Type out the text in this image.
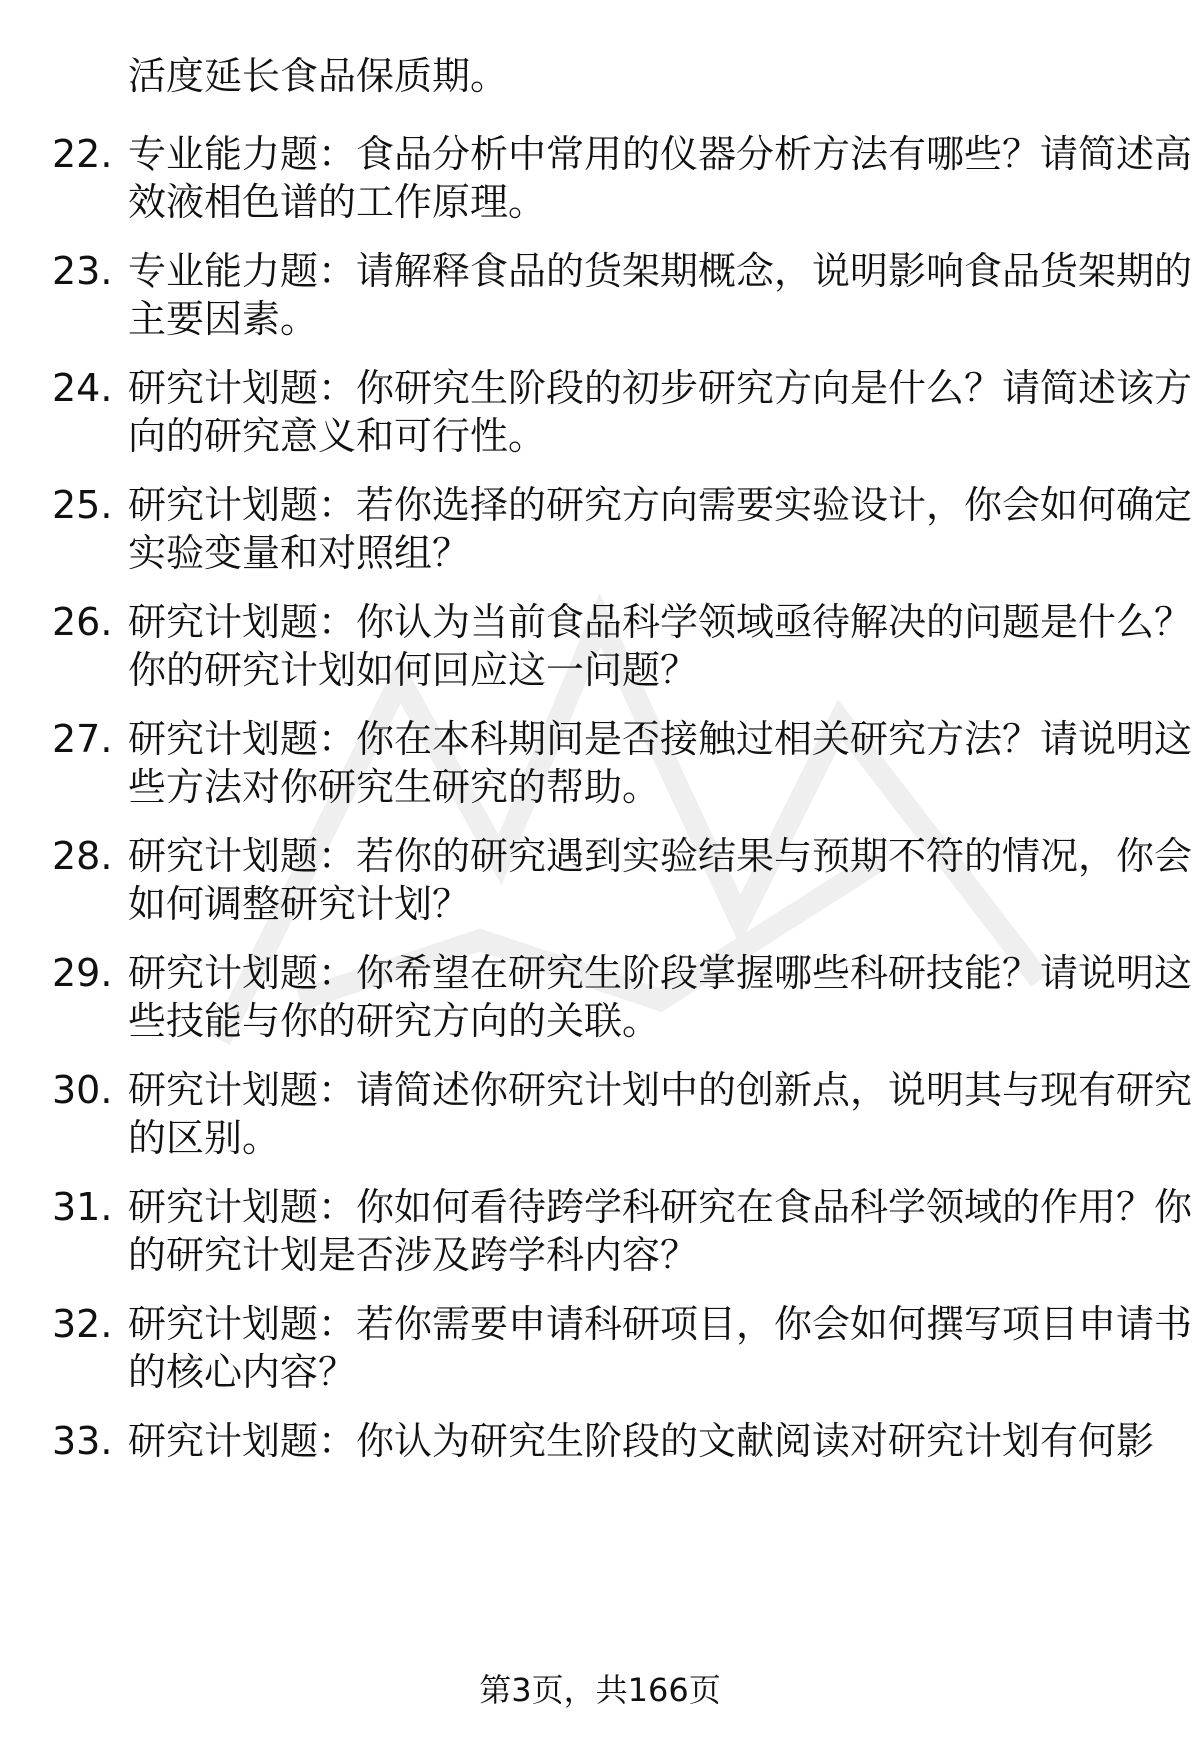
活度延长食品保质期。
22. 专业能力题：食品分析中常用的仪器分析方法有哪些？请简述高
效液相色谱的工作原理。
23. 专业能力题：请解释食品的货架期概念，说明影响食品货架期的
主要因素。
24. 研究计划题：你研究生阶段的初步研究方向是什么？请简述该方
向的研究意义和可行性。
25. 研究计划题：若你选择的研究方向需要实验设计，你会如何确定
实验变量和对照组？
26. 研究计划题：你认为当前食品科学领域亟待解决的问题是什么？
你的研究计划如何回应这一问题？
27. 研究计划题：你在本科期间是否接触过相关研究方法？请说明这
些方法对你研究生研究的帮助。
28. 研究计划题：若你的研究遇到实验结果与预期不符的情况，你会
如何调整研究计划？
29. 研究计划题：你希望在研究生阶段掌握哪些科研技能？请说明这
些技能与你的研究方向的关联。
30. 研究计划题：请简述你研究计划中的创新点，说明其与现有研究
的区别。
31. 研究计划题：你如何看待跨学科研究在食品科学领域的作用？你
的研究计划是否涉及跨学科内容？
32. 研究计划题：若你需要申请科研项目，你会如何撰写项目申请书
的核心内容？
33. 研究计划题：你认为研究生阶段的文献阅读对研究计划有何影
第3页，共166页
